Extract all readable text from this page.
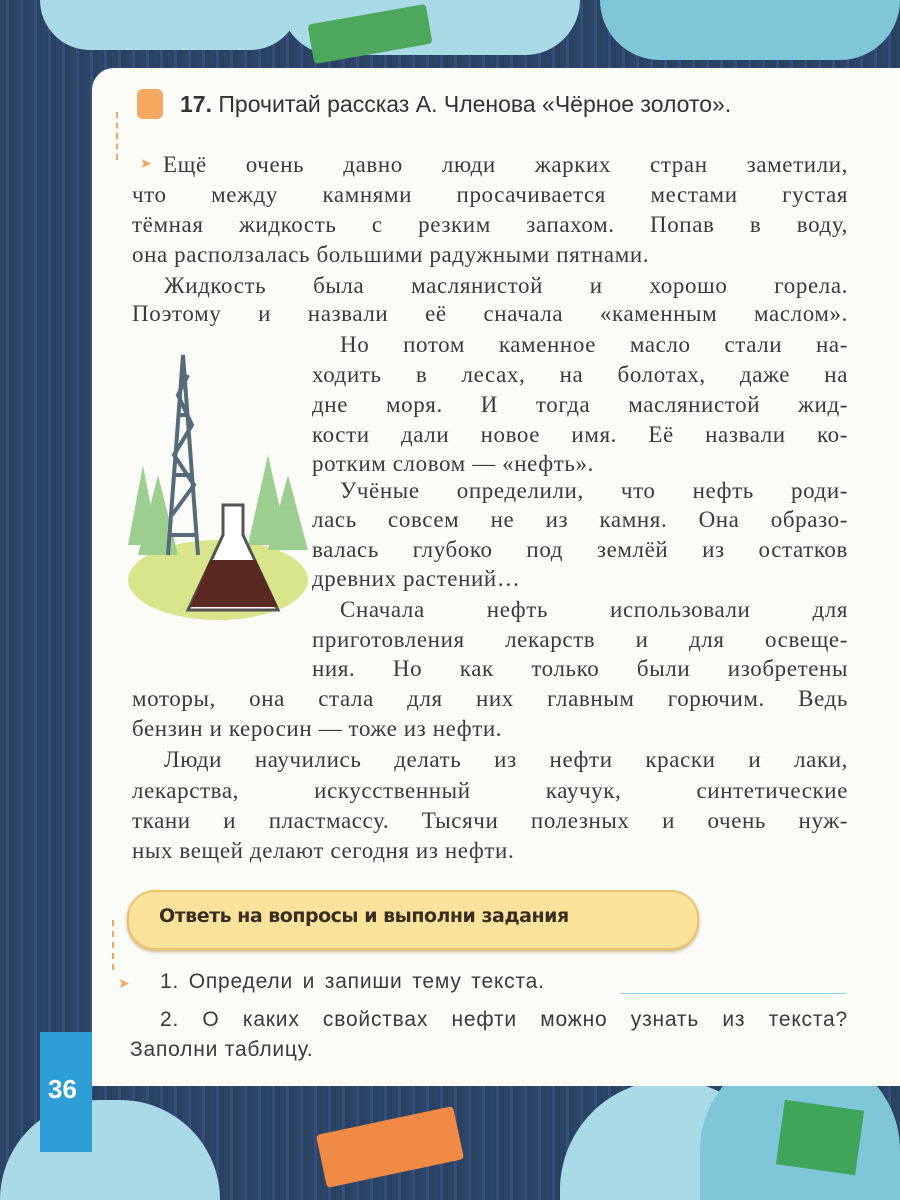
17. Прочитай рассказ А. Членова «Чёрное золото».
➤ Ещё очень давно люди жарких стран заметили,
что между камнями просачивается местами густая
тёмная жидкость с резким запахом. Попав в воду,
она расползалась большими радужными пятнами.
Жидкость была маслянистой и хорошо горела.
Поэтому и назвали её сначала «каменным маслом».
Но потом каменное масло стали на-
ходить в лесах, на болотах, даже на
дне моря. И тогда маслянистой жид-
кости дали новое имя. Её назвали ко-
ротким словом — «нефть».
Учёные определили, что нефть роди-
лась совсем не из камня. Она образо-
валась глубоко под землёй из остатков
древних растений…
Сначала нефть использовали для
приготовления лекарств и для освеще-
ния. Но как только были изобретены
моторы, она стала для них главным горючим. Ведь
бензин и керосин — тоже из нефти.
Люди научились делать из нефти краски и лаки,
лекарства, искусственный каучук, синтетические
ткани и пластмассу. Тысячи полезных и очень нуж-
ных вещей делают сегодня из нефти.
Ответь на вопросы и выполни задания
➤ 1. Определи и запиши тему текста.
2. О каких свойствах нефти можно узнать из текста?
Заполни таблицу.
36
